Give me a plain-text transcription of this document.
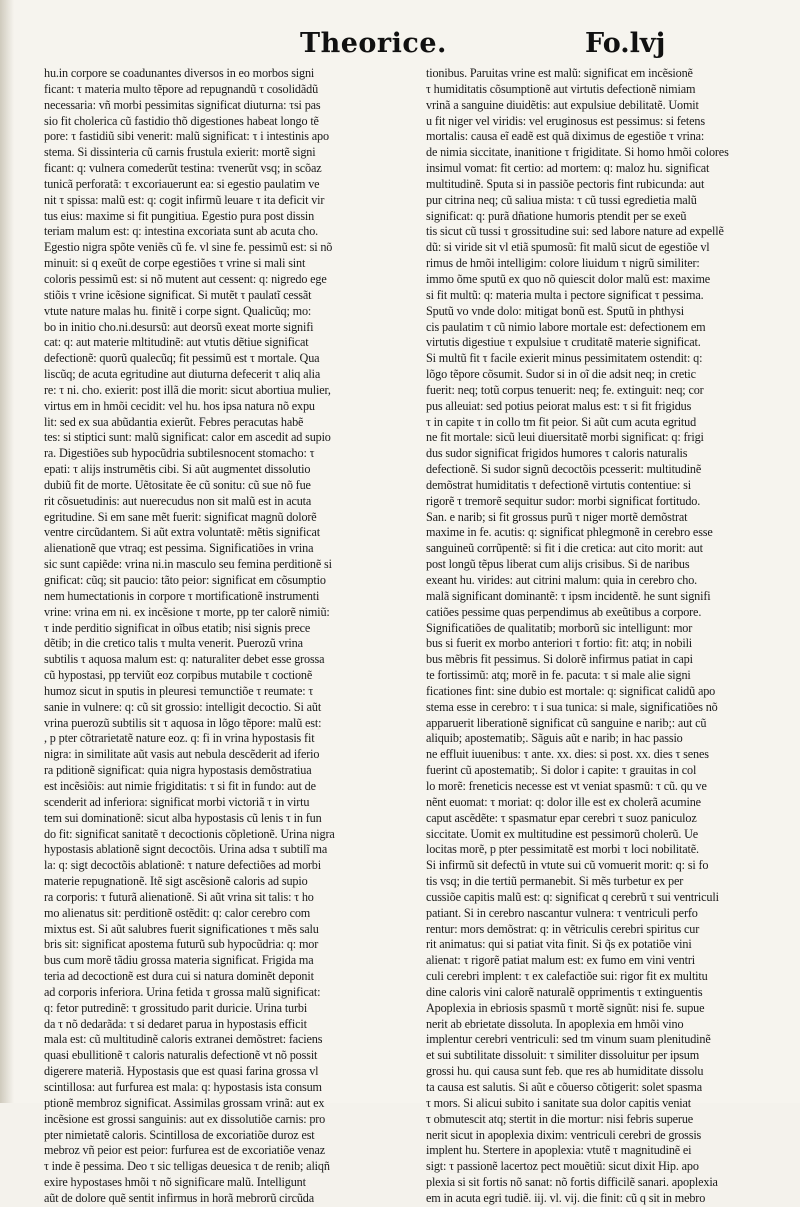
Theorice.	Fo.lvj
hu.in corpore se coadunantes diversos in eo morbos signi
ficant: τ materia multo tẽpore ad repugnandũ τ cosolidãdũ
necessaria: vñ morbi pessimitas significat diuturna: τsi pas
sio fit cholerica cũ fastidio thõ digestiones habeat longo tẽ
pore: τ fastidiũ sibi venerit: malũ significat: τ i intestinis apo
stema. Si dissinteria cũ carnis frustula exierit: mortẽ signi
ficant: q: vulnera comederũt testina: τvenerũt vsq; in scõaz
tunicã perforatã: τ excoriauerunt ea: si egestio paulatim ve
nit τ spissa: malũ est: q: cogit infirmũ leuare τ ita deficit vir
tus eius: maxime si fit pungitiua. Egestio pura post dissin
teriam malum est: q: intestina excoriata sunt ab acuta cho.
Egestio nigra spõte veniẽs cũ fe. vl sine fe. pessimũ est: si nõ
minuit: si q exeũt de corpe egestiões τ vrine si mali sint
coloris pessimũ est: si nõ mutent aut cessent: q: nigredo ege
stiõis τ vrine icẽsione significat. Si mutẽt τ paulatĩ cessãt
vtute nature malas hu. finitẽ i corpe signt. Qualicũq; mo:
bo in initio cho.ni.desursũ: aut deorsũ exeat morte signifi
cat: q: aut materie mltitudinẽ: aut vtutis dẽtiue significat
defectionẽ: quorũ qualecũq; fit pessimũ est τ mortale. Qua
liscũq; de acuta egritudine aut diuturna defecerit τ aliq alia
re: τ ni. cho. exierit: post illã die morit: sicut abortiua mulier,
virtus em in hmõi cecidit: vel hu. hos ipsa natura nõ expu
lit: sed ex sua abũdantia exierũt. Febres peracutas habẽ
tes: si stiptici sunt: malũ significat: calor em ascedit ad supio
ra. Digestiões sub hypocũdria subtilesnocent stomacho: τ
epati: τ alijs instrumẽtis cibi. Si aũt augmentet dissolutio
dubiũ fit de morte. Uẽtositate ẽe cũ sonitu: cũ sue nõ fue
rit cõsuetudinis: aut nuerecudus non sit malũ est in acuta
egritudine. Si em sane mẽt fuerit: significat magnũ dolorẽ
ventre circũdantem. Si aũt extra voluntatẽ: mẽtis significat
alienationẽ que vtraq; est pessima. Significatiões in vrina
sic sunt capiẽde: vrina ni.in masculo seu femina perditionẽ si
gnificat: cũq; sit paucio: tãto peior: significat em cõsumptio
nem humectationis in corpore τ mortificationẽ instrumenti
vrine: vrina em ni. ex incẽsione τ morte, pp ter calorẽ nimiũ:
τ inde perditio significat in oĩbus etatib; nisi signis prece
dẽtib; in die cretico talis τ multa venerit. Puerozũ vrina
subtilis τ aquosa malum est: q: naturaliter debet esse grossa
cũ hypostasi, pp terviũt eoz corpibus mutabile τ coctionẽ
humoz sicut in sputis in pleuresi τemunctiõe τ reumate: τ
sanie in vulnere: q: cũ sit grossio: intelligit decoctio. Si aũt
vrina puerozũ subtilis sit τ aquosa in lõgo tẽpore: malũ est:
, p pter cõtrarietatẽ nature eoz. q: fi in vrina hypostasis fit
nigra: in similitate aũt vasis aut nebula descẽderit ad iferio
ra pditionẽ significat: quia nigra hypostasis demõstratiua
est incẽsiõis: aut nimie frigiditatis: τ si fit in fundo: aut de
scenderit ad inferiora: significat morbi victoriã τ in virtu
tem sui dominationẽ: sicut alba hypostasis cũ lenis τ in fun
do fit: significat sanitatẽ τ decoctionis cõpletionẽ. Urina nigra
hypostasis ablationẽ signt decoctõis. Urina adsa τ subtilĩ ma
la: q: sigt decoctõis ablationẽ: τ nature defectiões ad morbi
materie repugnationẽ. Itẽ sigt ascẽsionẽ caloris ad supio
ra corporis: τ futurã alienationẽ. Si aũt vrina sit talis: τ ho
mo alienatus sit: perditionẽ ostẽdit: q: calor cerebro com
mixtus est. Si aũt salubres fuerit significationes τ mẽs salu
bris sit: significat apostema futurũ sub hypocũdria: q: mor
bus cum morẽ tãdiu grossa materia significat. Frigida ma
teria ad decoctionẽ est dura cui si natura dominẽt deponit
ad corporis inferiora. Urina fetida τ grossa malũ significat:
q: fetor putredinẽ: τ grossitudo parit duricie. Urina turbi
da τ nõ dedarãda: τ si dedaret parua in hypostasis efficit
mala est: cũ multitudinẽ caloris extranei demõstret: faciens
quasi ebullitionẽ τ caloris naturalis defectionẽ vt nõ possit
digerere materiã. Hypostasis que est quasi farina grossa vl
scintillosa: aut furfurea est mala: q: hypostasis ista consum
ptionẽ membroz significat. Assimilas grossam vrinã: aut ex
incẽsione est grossi sanguinis: aut ex dissolutiõe carnis: pro
pter nimietatẽ caloris. Scintillosa de excoriatiõe duroz est
mebroz vñ peior est peior: furfurea est de excoriatiõe venaz
τ inde ẽ pessima. Deo τ sic telligas deuesica τ de renib; aliqñ
exire hypostases hmõi τ nõ significare malũ. Intelligunt
aũt de dolore quẽ sentit infirmus in horã mebrorũ circũda
tionibus. Paruitas vrine est malũ: significat em incẽsionẽ
τ humiditatis cõsumptionẽ aut virtutis defectionẽ nimiam
vrinã a sanguine diuidẽtis: aut expulsiue debilitatẽ. Uomit
u fit niger vel viridis: vel eruginosus est pessimus: si fetens
mortalis: causa eĩ eadẽ est quã diximus de egestiõe τ vrina:
de nimia siccitate, inanitione τ frigiditate. Si homo hmõi colores
insimul vomat: fit certio: ad mortem: q: maloz hu. significat
multitudinẽ. Sputa si in passiõe pectoris fint rubicunda: aut
pur citrina neq; cũ saliua mista: τ cũ tussi egredietia malũ
significat: q: purã dñatione humoris ptendit per se exeũ
tis sicut cũ tussi τ grossitudine sui: sed labore nature ad expellẽ
dũ: si viride sit vl etiã spumosũ: fit malũ sicut de egestiõe vl
rimus de hmõi intelligim: colore liuidum τ nigrũ similiter:
immo õme sputũ ex quo nõ quiescit dolor malũ est: maxime
si fit multũ: q: materia multa i pectore significat τ pessima.
Sputũ vo vnde dolo: mitigat bonũ est. Sputũ in phthysi
cis paulatim τ cũ nimio labore mortale est: defectionem em
virtutis digestiue τ expulsiue τ cruditatẽ materie significat.
Si multũ fit τ facile exierit minus pessimitatem ostendit: q:
lõgo tẽpore cõsumit. Sudor si in oĩ die adsit neq; in cretic
fuerit: neq; totũ corpus tenuerit: neq; fe. extinguit: neq; cor
pus alleuiat: sed potius peiorat malus est: τ si fit frigidus
τ in capite τ in collo tm fit peior. Si aũt cum acuta egritud
ne fit mortale: sicũ leui diuersitatẽ morbi significat: q: frigi
dus sudor significat frigidos humores τ caloris naturalis
defectionẽ. Si sudor signũ decoctõis pcesserit: multitudinẽ
demõstrat humiditatis τ defectionẽ virtutis contentiue: si
rigorẽ τ tremorẽ sequitur sudor: morbi significat fortitudo.
San. e narib; si fit grossus purũ τ niger mortẽ demõstrat
maxime in fe. acutis: q: significat phlegmonẽ in cerebro esse
sanguineũ corrũpentẽ: si fit i die cretica: aut cito morit: aut
post longũ tẽpus liberat cum alijs crisibus. Si de naribus
exeant hu. virides: aut citrini malum: quia in cerebro cho.
malã significant dominantẽ: τ ipsm incidentẽ. he sunt signifi
catiões pessime quas perpendimus ab exeũtibus a corpore.
Significatiões de qualitatib; morborũ sic intelligunt: mor
bus si fuerit ex morbo anteriori τ fortio: fit: atq; in nobili
bus mẽbris fit pessimus. Si dolorẽ infirmus patiat in capi
te fortissimũ: atq; morẽ in fe. pacuta: τ si male alie signi
ficationes fint: sine dubio est mortale: q: significat calidũ apo
stema esse in cerebro: τ i sua tunica: si male, significatiões nõ
apparuerit liberationẽ significat cũ sanguine e narib;: aut cũ
aliquib; apostematib;. Sãguis aũt e narib; in hac passio
ne effluit iuuenibus: τ ante. xx. dies: si post. xx. dies τ senes
fuerint cũ apostematib;. Si dolor i capite: τ grauitas in col
lo morẽ: freneticis necesse est vt veniat spasmũ: τ cũ. qu ve
nẽnt euomat: τ moriat: q: dolor ille est ex cholerã acumine
caput ascẽdẽte: τ spasmatur epar cerebri τ suoz paniculoz
siccitate. Uomit ex multitudine est pessimorũ cholerũ. Ue
locitas morẽ, p pter pessimitatẽ est morbi τ loci nobilitatẽ.
Si infirmũ sit defectũ in vtute sui cũ vomuerit morit: q: si fo
tis vsq; in die tertiũ permanebit. Si mẽs turbetur ex per
cussiõe capitis malũ est: q: significat q cerebrũ τ sui ventriculi
patiant. Si in cerebro nascantur vulnera: τ ventriculi perfo
rentur: mors demõstrat: q: in vẽtriculis cerebri spiritus cur
rit animatus: qui si patiat vita finit. Si q̃s ex potatiõe vini
alienat: τ rigorẽ patiat malum est: ex fumo em vini ventri
culi cerebri implent: τ ex calefactiõe sui: rigor fit ex multitu
dine caloris vini calorẽ naturalẽ opprimentis τ extinguentis
Apoplexia in ebriosis spasmũ τ mortẽ signũt: nisi fe. supue
nerit ab ebrietate dissoluta. In apoplexia em hmõi vino
implentur cerebri ventriculi: sed tm vinum suam plenitudinẽ
et sui subtilitate dissoluit: τ similiter dissoluitur per ipsum
grossi hu. qui causa sunt feb. que res ab humiditate dissolu
ta causa est salutis. Si aũt e cõuerso cõtigerit: solet spasma
τ mors. Si alicui subito i sanitate sua dolor capitis veniat
τ obmutescit atq; stertit in die mortur: nisi febris superue
nerit sicut in apoplexia dixim: ventriculi cerebri de grossis
implent hu. Stertere in apoplexia: vtutẽ τ magnitudinẽ ei
sigt: τ passionẽ lacertoz pect mouẽtiũ: sicut dixit Hip. apo
plexia si sit fortis nõ sanat: nõ fortis difficilẽ sanari. apoplexia
em in acuta egri tudiẽ. iij. vl. vij. die finit: cũ q sit in mebro
